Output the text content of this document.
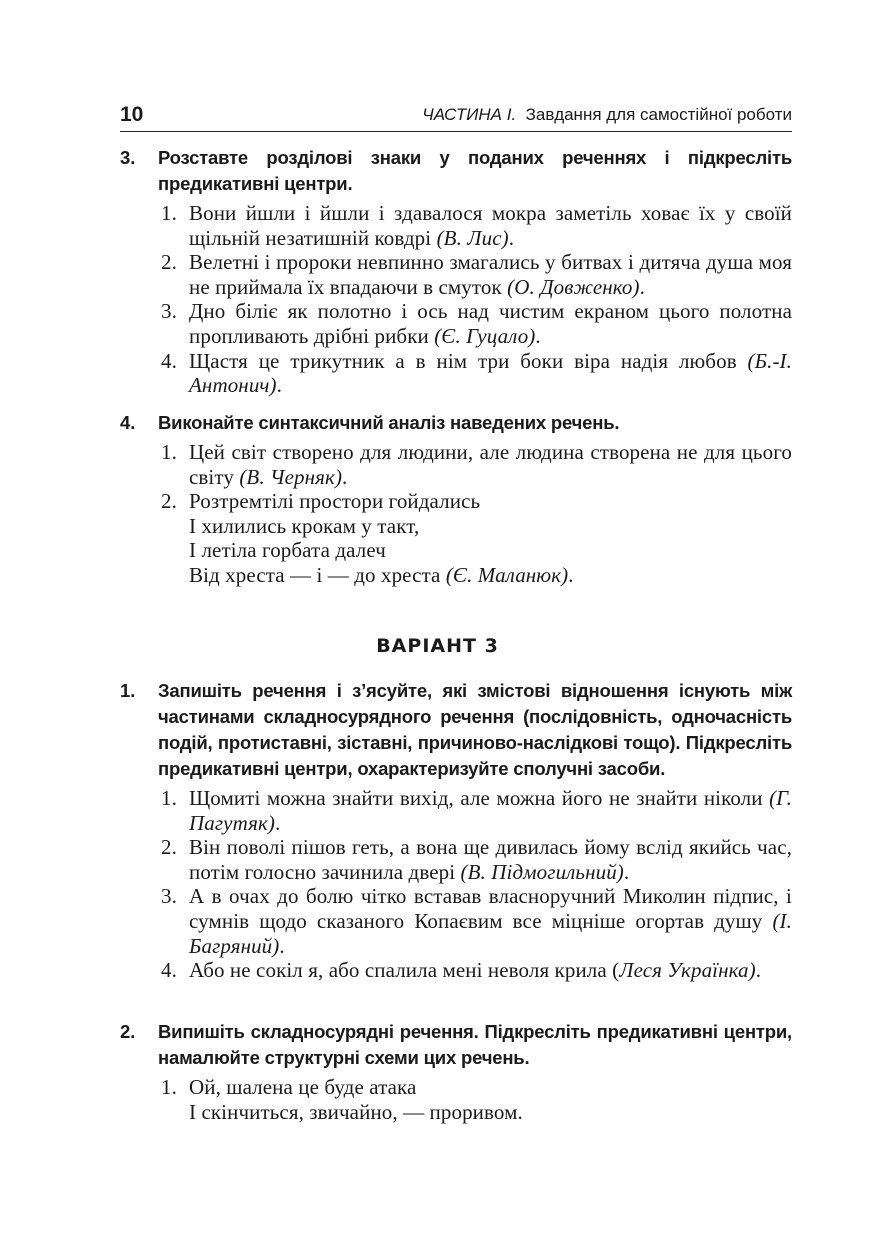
10	ЧАСТИНА І. Завдання для самостійної роботи
3. Розставте розділові знаки у поданих реченнях і підкресліть предикативні центри.
1. Вони йшли і йшли і здавалося мокра заметіль ховає їх у своїй щільній незатишній ковдрі (В. Лис).
2. Велетні і пророки невпинно змагались у битвах і дитяча душа моя не приймала їх впадаючи в смуток (О. Довженко).
3. Дно біліє як полотно і ось над чистим екраном цього полотна пропливають дрібні рибки (Є. Гуцало).
4. Щастя це трикутник а в нім три боки віра надія любов (Б.-І. Антонич).
4. Виконайте синтаксичний аналіз наведених речень.
1. Цей світ створено для людини, але людина створена не для цього світу (В. Черняк).
2. Розтремтілі простори гойдались
І хилились крокам у такт,
І летіла горбата далеч
Від хреста — і — до хреста (Є. Маланюк).
ВАРІАНТ 3
1. Запишіть речення і з’ясуйте, які змістові відношення існують між частинами складносурядного речення (послідовність, одночасність подій, протиставні, зіставні, причиново-наслідкові тощо). Підкресліть предикативні центри, охарактеризуйте сполучні засоби.
1. Щомиті можна знайти вихід, але можна його не знайти ніколи (Г. Пагутяк).
2. Він поволі пішов геть, а вона ще дивилась йому вслід якийсь час, потім голосно зачинила двері (В. Підмогильний).
3. А в очах до болю чітко вставав власноручний Миколин підпис, і сумнів щодо сказаного Копаєвим все міцніше огортав душу (І. Багряний).
4. Або не сокіл я, або спалила мені неволя крила (Леся Українка).
2. Випишіть складносурядні речення. Підкресліть предикативні центри, намалюйте структурні схеми цих речень.
1. Ой, шалена це буде атака
І скінчиться, звичайно, — проривом.
